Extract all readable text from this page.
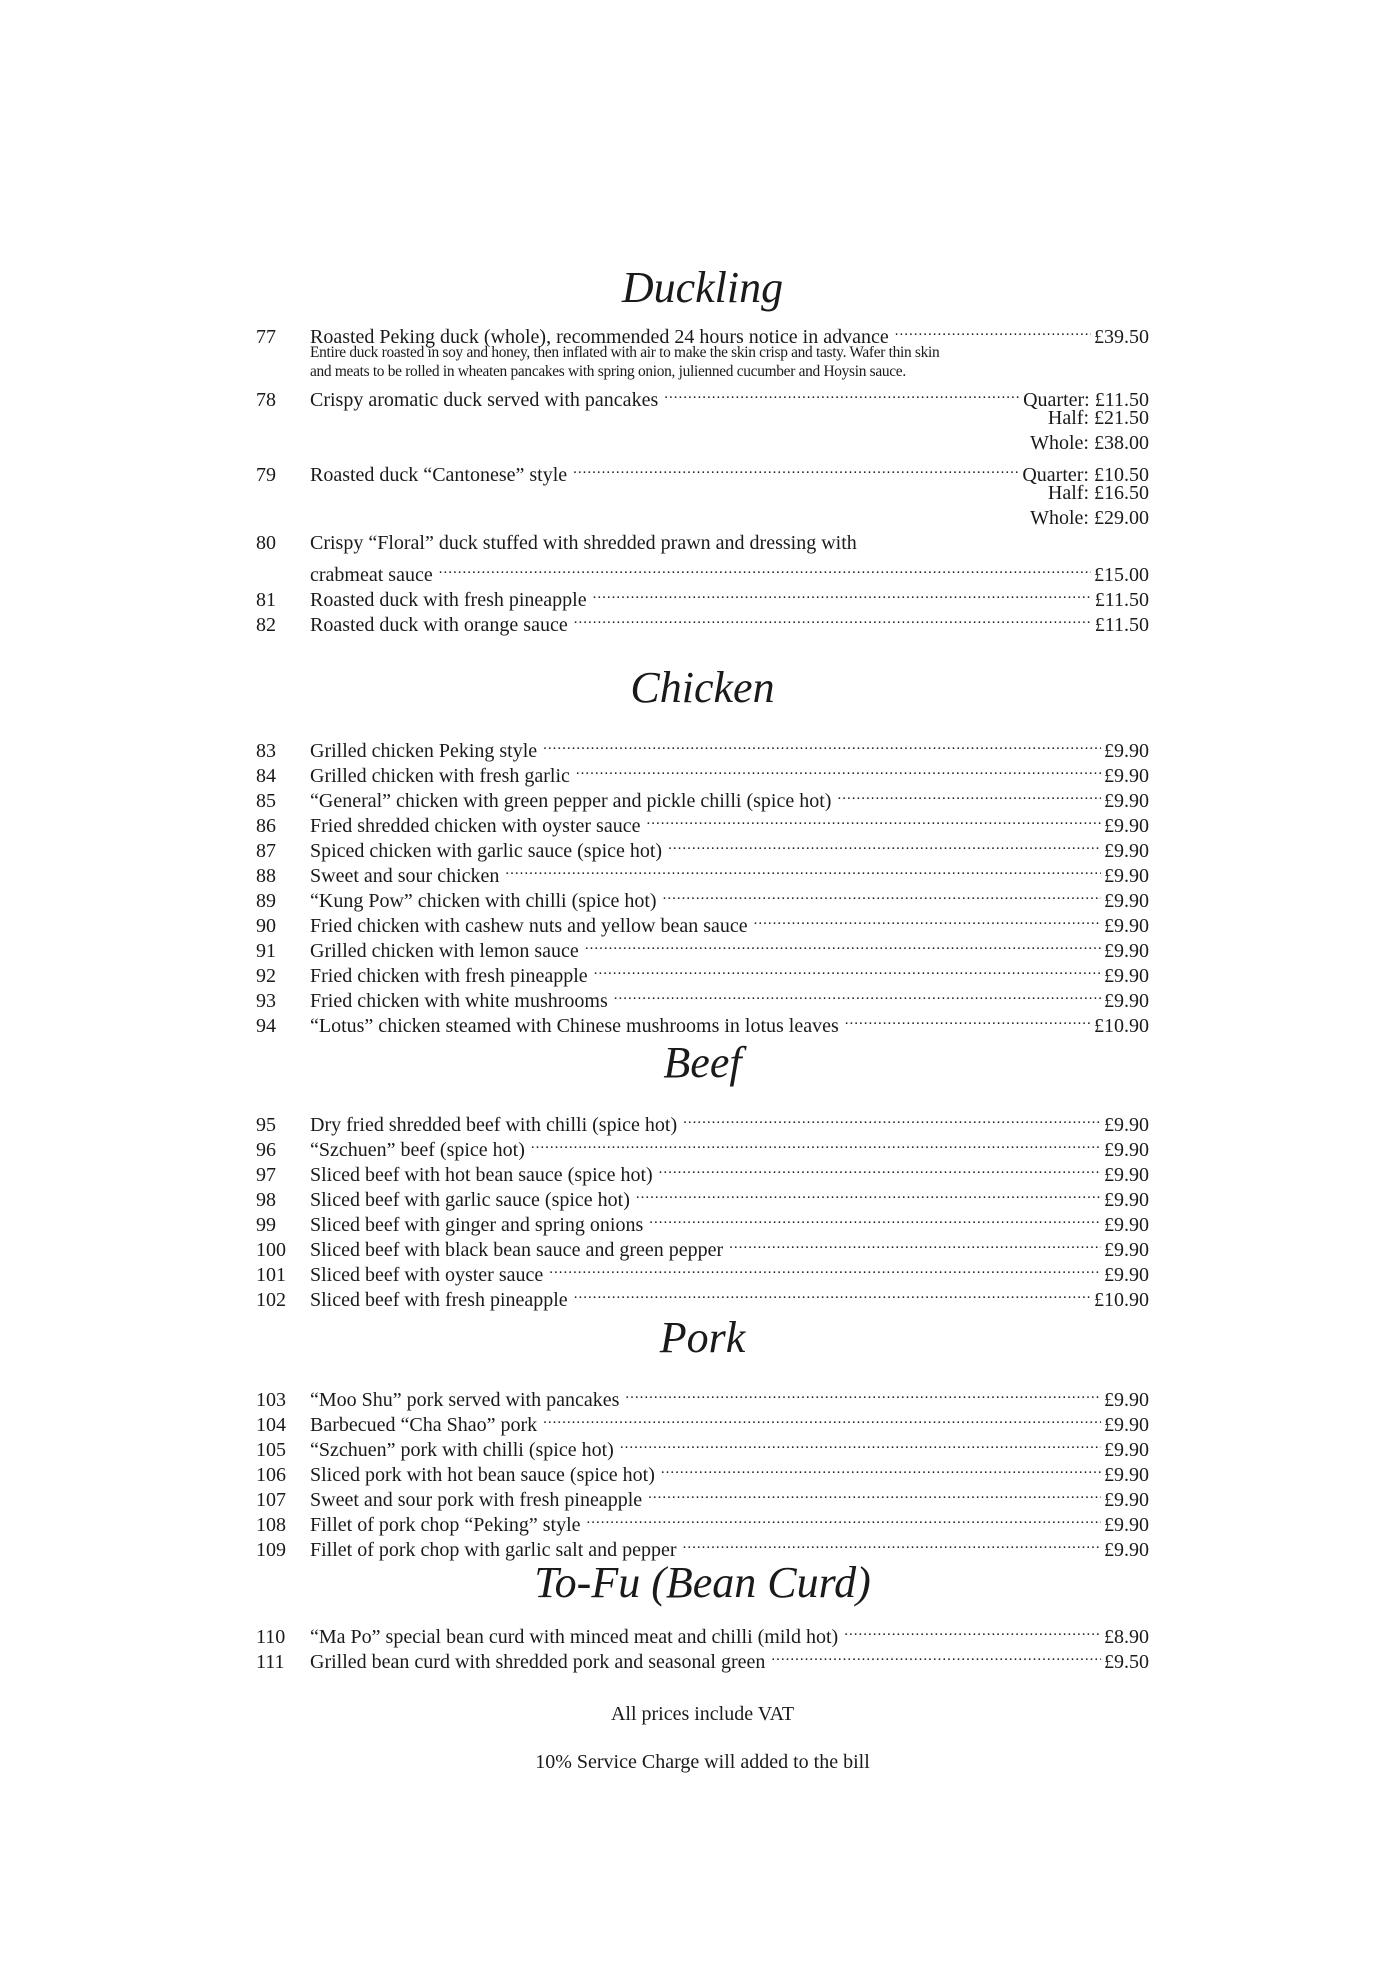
Duckling
77	Roasted Peking duck (whole), recommended 24 hours notice in advance .....	£39.50
Entire duck roasted in soy and honey, then inflated with air to make the skin crisp and tasty. Wafer thin skin
and meats to be rolled in wheaten pancakes with spring onion, julienned cucumber and Hoysin sauce.
78	Crispy aromatic duck served with pancakes .....	Quarter: £11.50
Half: £21.50
Whole: £38.00
79	Roasted duck “Cantonese” style .....	Quarter: £10.50
Half: £16.50
Whole: £29.00
80	Crispy “Floral” duck stuffed with shredded prawn and dressing with
crabmeat sauce .....	£15.00
81	Roasted duck with fresh pineapple .....	£11.50
82	Roasted duck with orange sauce .....	£11.50
Chicken
83	Grilled chicken Peking style .....	£9.90
84	Grilled chicken with fresh garlic .....	£9.90
85	“General” chicken with green pepper and pickle chilli (spice hot) .....	£9.90
86	Fried shredded chicken with oyster sauce .....	£9.90
87	Spiced chicken with garlic sauce (spice hot) .....	£9.90
88	Sweet and sour chicken .....	£9.90
89	“Kung Pow” chicken with chilli (spice hot) .....	£9.90
90	Fried chicken with cashew nuts and yellow bean sauce .....	£9.90
91	Grilled chicken with lemon sauce .....	£9.90
92	Fried chicken with fresh pineapple .....	£9.90
93	Fried chicken with white mushrooms .....	£9.90
94	“Lotus” chicken steamed with Chinese mushrooms in lotus leaves .....	£10.90
Beef
95	Dry fried shredded beef with chilli (spice hot) .....	£9.90
96	“Szchuen” beef (spice hot) .....	£9.90
97	Sliced beef with hot bean sauce (spice hot) .....	£9.90
98	Sliced beef with garlic sauce (spice hot) .....	£9.90
99	Sliced beef with ginger and spring onions .....	£9.90
100	Sliced beef with black bean sauce and green pepper .....	£9.90
101	Sliced beef with oyster sauce .....	£9.90
102	Sliced beef with fresh pineapple .....	£10.90
Pork
103	“Moo Shu” pork served with pancakes .....	£9.90
104	Barbecued “Cha Shao” pork .....	£9.90
105	“Szchuen” pork with chilli (spice hot) .....	£9.90
106	Sliced pork with hot bean sauce (spice hot) .....	£9.90
107	Sweet and sour pork with fresh pineapple .....	£9.90
108	Fillet of pork chop “Peking” style .....	£9.90
109	Fillet of pork chop with garlic salt and pepper .....	£9.90
To-Fu (Bean Curd)
110	“Ma Po” special bean curd with minced meat and chilli (mild hot) .....	£8.90
111	Grilled bean curd with shredded pork and seasonal green .....	£9.50
All prices include VAT
10% Service Charge will added to the bill
